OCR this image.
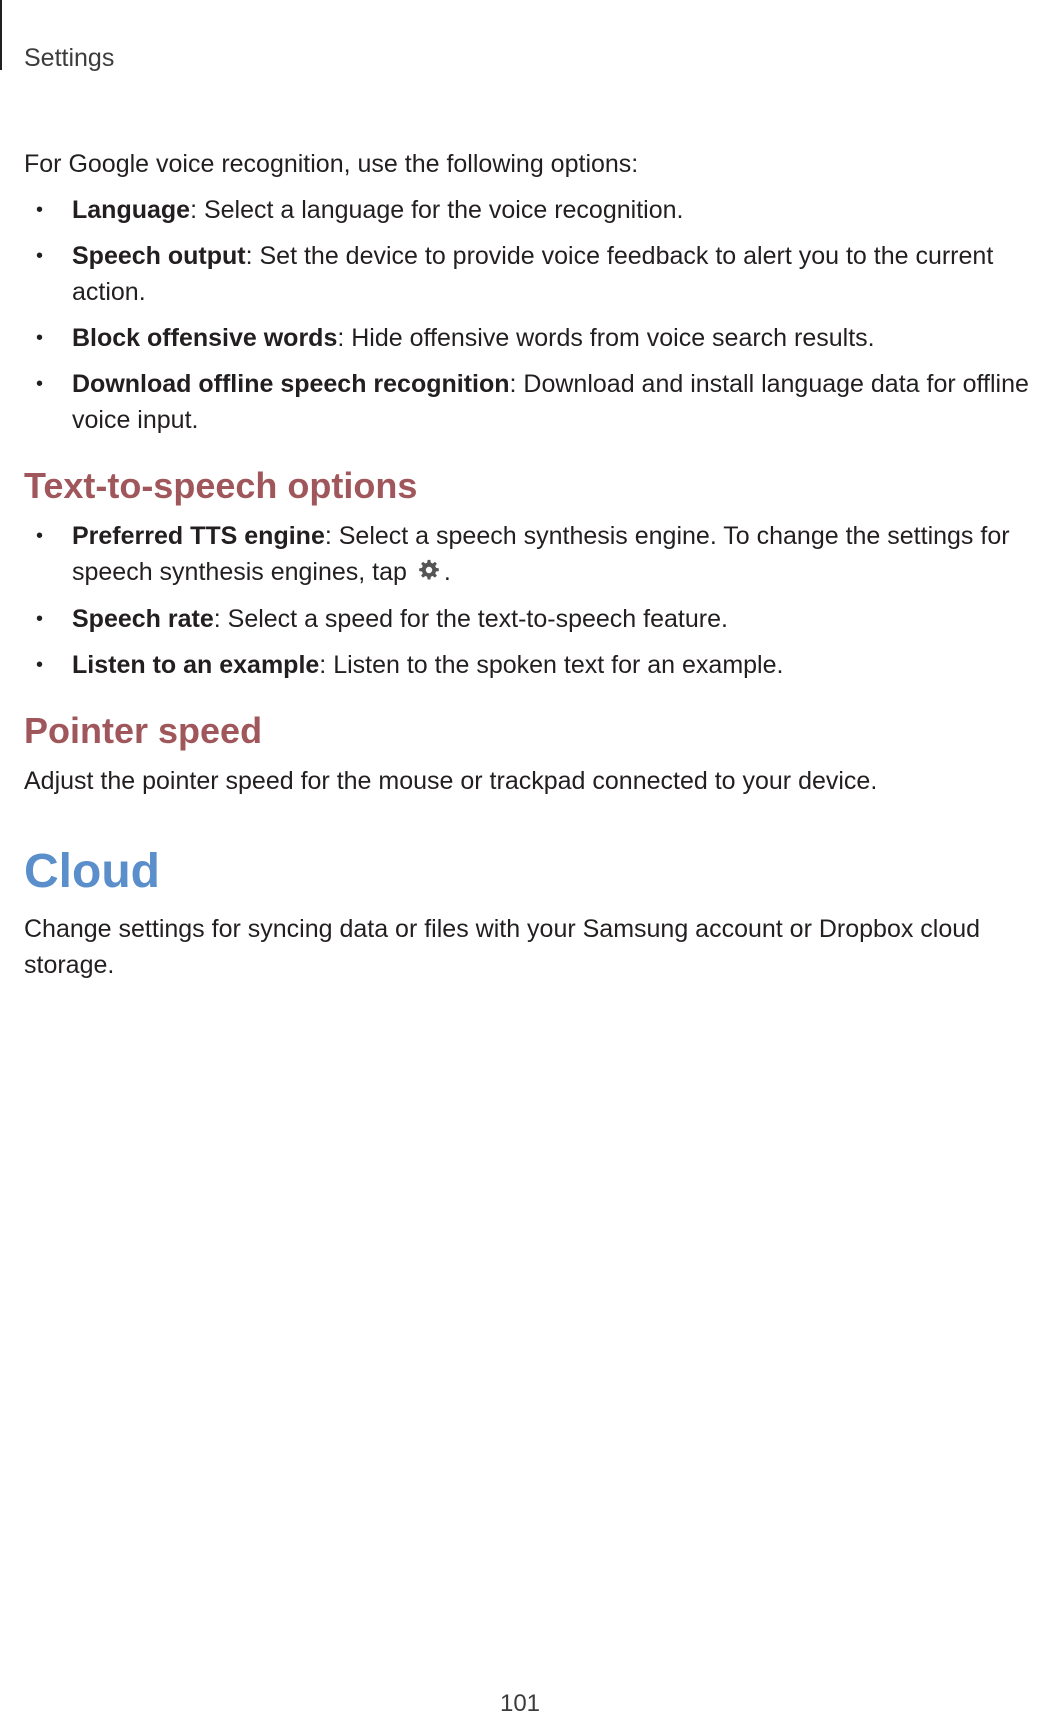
Settings

For Google voice recognition, use the following options:

• Language: Select a language for the voice recognition.
• Speech output: Set the device to provide voice feedback to alert you to the current action.
• Block offensive words: Hide offensive words from voice search results.
• Download offline speech recognition: Download and install language data for offline voice input.
Text-to-speech options
• Preferred TTS engine: Select a speech synthesis engine. To change the settings for speech synthesis engines, tap .
• Speech rate: Select a speed for the text-to-speech feature.
• Listen to an example: Listen to the spoken text for an example.
Pointer speed

Adjust the pointer speed for the mouse or trackpad connected to your device.

Cloud

Change settings for syncing data or files with your Samsung account or Dropbox cloud storage.

101
